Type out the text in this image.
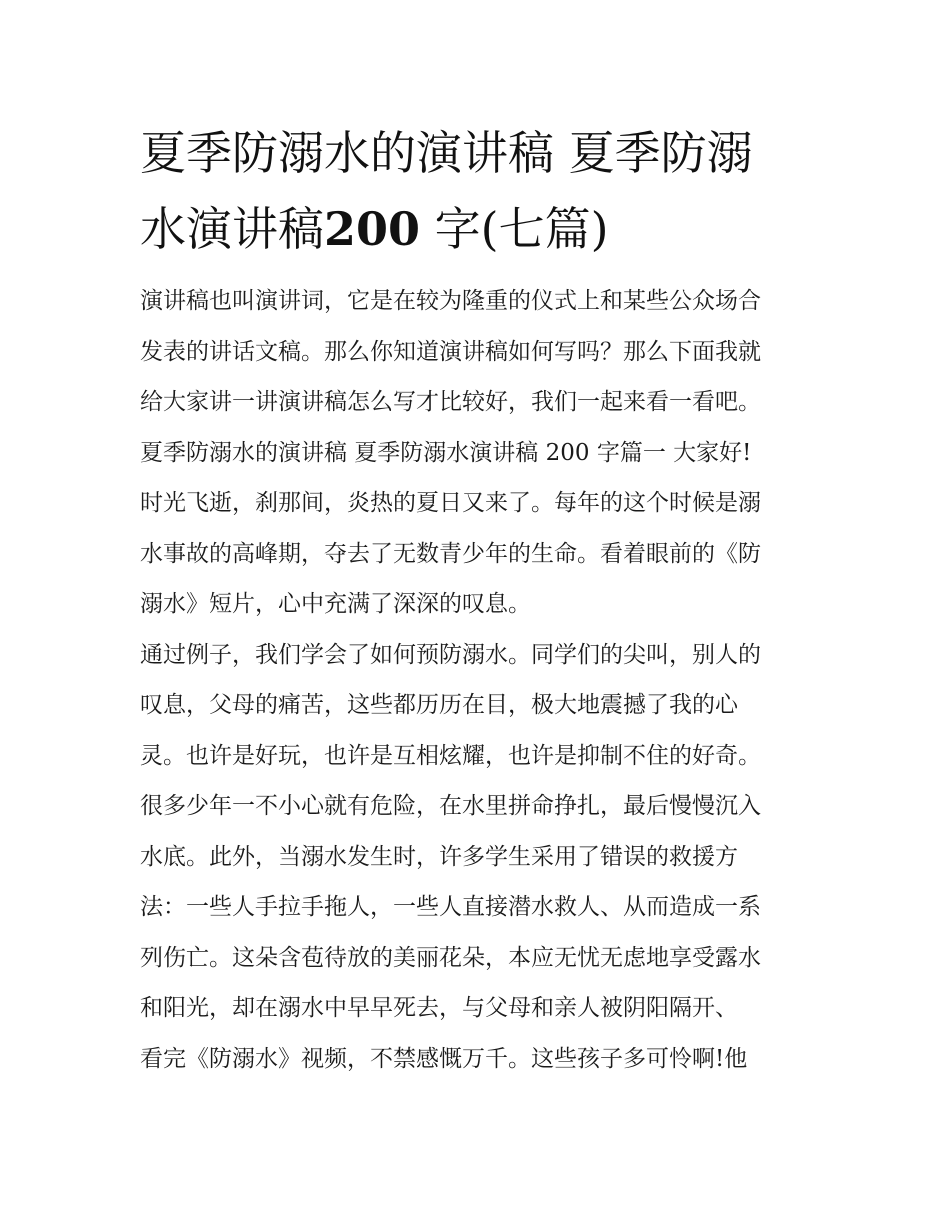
夏季防溺水的演讲稿 夏季防溺
水演讲稿200 字(七篇)
演讲稿也叫演讲词，它是在较为隆重的仪式上和某些公众场合
发表的讲话文稿。那么你知道演讲稿如何写吗？那么下面我就
给大家讲一讲演讲稿怎么写才比较好，我们一起来看一看吧。
夏季防溺水的演讲稿 夏季防溺水演讲稿 200 字篇一 大家好!
时光飞逝，刹那间，炎热的夏日又来了。每年的这个时候是溺
水事故的高峰期，夺去了无数青少年的生命。看着眼前的《防
溺水》短片，心中充满了深深的叹息。
通过例子，我们学会了如何预防溺水。同学们的尖叫，别人的
叹息，父母的痛苦，这些都历历在目，极大地震撼了我的心
灵。也许是好玩，也许是互相炫耀，也许是抑制不住的好奇。
很多少年一不小心就有危险，在水里拼命挣扎，最后慢慢沉入
水底。此外，当溺水发生时，许多学生采用了错误的救援方
法：一些人手拉手拖人，一些人直接潜水救人、从而造成一系
列伤亡。这朵含苞待放的美丽花朵，本应无忧无虑地享受露水
和阳光，却在溺水中早早死去，与父母和亲人被阴阳隔开、
看完《防溺水》视频，不禁感慨万千。这些孩子多可怜啊!他
